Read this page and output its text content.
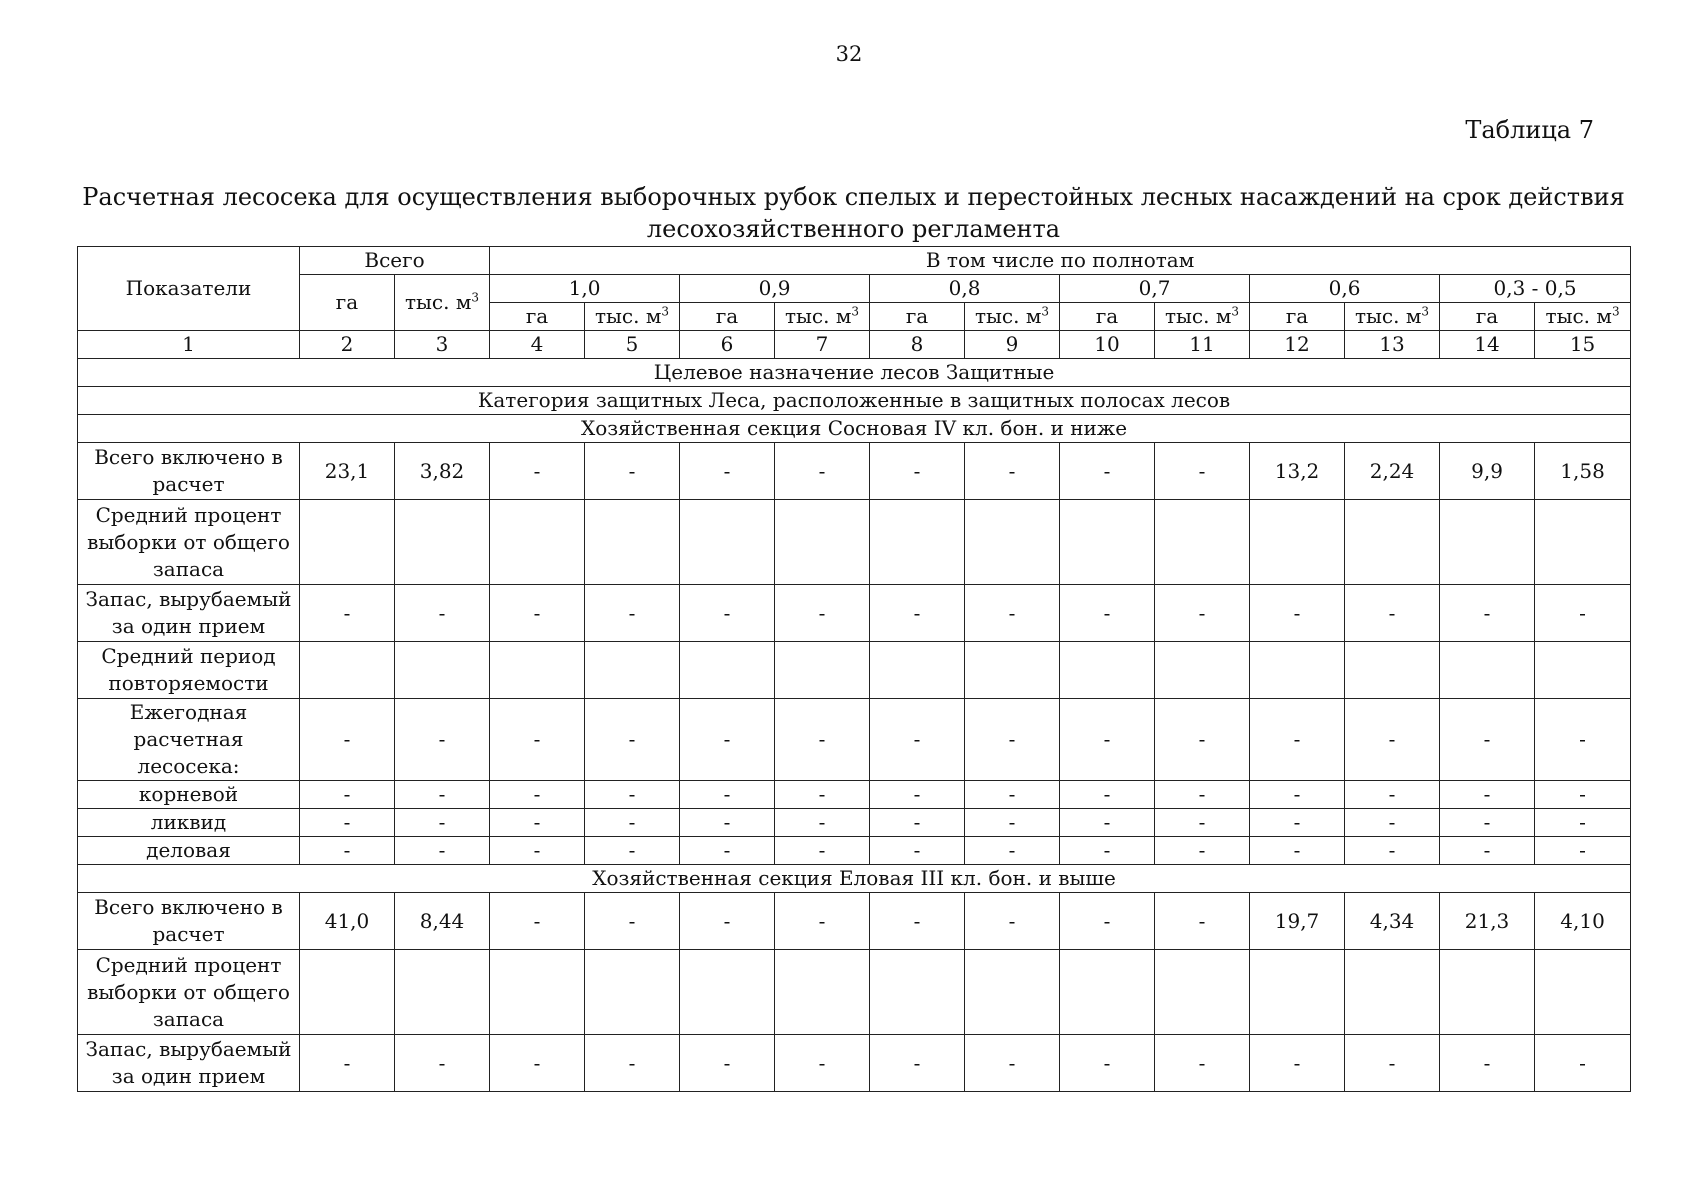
32
Таблица 7
Расчетная лесосека для осуществления выборочных рубок спелых и перестойных лесных насаждений на срок действия лесохозяйственного регламента
Показатели	Всего		В том числе по полнотам											
	га	тыс. $м^3$	1,0		0,9		0,8		0,7		0,6		0,3 - 0,5	
			га	тыс. $м^3$	га	тыс. $м^3$	га	тыс. $м^3$	га	тыс. $м^3$	га	тыс. $м^3$	га	тыс. $м^3$
1	2	3	4	5	6	7	8	9	10	11	12	13	14	15
Целевое назначение лесов Защитные														
Категория защитных Леса, расположенные в защитных полосах лесов														
Хозяйственная секция Сосновая IV кл. бон. и ниже														
Всего включено в расчет	23,1	3,82	-	-	-	-	-	-	-	-	13,2	2,24	9,9	1,58
Средний процент выборки от общего запаса														
Запас, вырубаемый за один прием	-	-	-	-	-	-	-	-	-	-	-	-	-	-
Средний период повторяемости														
Ежегодная расчетная лесосека:	-	-	-	-	-	-	-	-	-	-	-	-	-	-
корневой	-	-	-	-	-	-	-	-	-	-	-	-	-	-
ликвид	-	-	-	-	-	-	-	-	-	-	-	-	-	-
деловая	-	-	-	-	-	-	-	-	-	-	-	-	-	-
Хозяйственная секция Еловая III кл. бон. и выше														
Всего включено в расчет	41,0	8,44	-	-	-	-	-	-	-	-	19,7	4,34	21,3	4,10
Средний процент выборки от общего запаса														
Запас, вырубаемый за один прием	-	-	-	-	-	-	-	-	-	-	-	-	-	-
